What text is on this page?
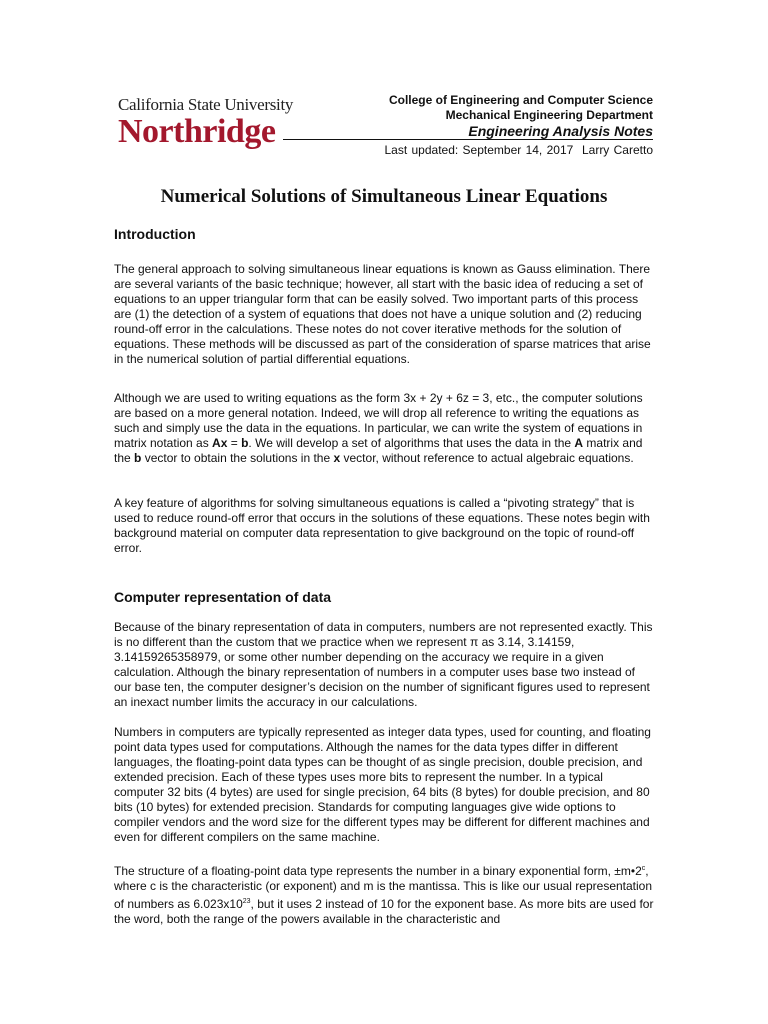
California State University
Northridge
College of Engineering and Computer Science
Mechanical Engineering Department
Engineering Analysis Notes
Last updated: September 14, 2017 Larry Caretto
Numerical Solutions of Simultaneous Linear Equations
Introduction

The general approach to solving simultaneous linear equations is known as Gauss elimination. There are several variants of the basic technique; however, all start with the basic idea of reducing a set of equations to an upper triangular form that can be easily solved. Two important parts of this process are (1) the detection of a system of equations that does not have a unique solution and (2) reducing round-off error in the calculations. These notes do not cover iterative methods for the solution of equations. These methods will be discussed as part of the consideration of sparse matrices that arise in the numerical solution of partial differential equations.

Although we are used to writing equations as the form 3x + 2y + 6z = 3, etc., the computer solutions are based on a more general notation. Indeed, we will drop all reference to writing the equations as such and simply use the data in the equations. In particular, we can write the system of equations in matrix notation as Ax = b. We will develop a set of algorithms that uses the data in the A matrix and the b vector to obtain the solutions in the x vector, without reference to actual algebraic equations.

A key feature of algorithms for solving simultaneous equations is called a “pivoting strategy” that is used to reduce round-off error that occurs in the solutions of these equations. These notes begin with background material on computer data representation to give background on the topic of round-off error.

Computer representation of data

Because of the binary representation of data in computers, numbers are not represented exactly. This is no different than the custom that we practice when we represent π as 3.14, 3.14159, 3.14159265358979, or some other number depending on the accuracy we require in a given calculation. Although the binary representation of numbers in a computer uses base two instead of our base ten, the computer designer’s decision on the number of significant figures used to represent an inexact number limits the accuracy in our calculations.

Numbers in computers are typically represented as integer data types, used for counting, and floating point data types used for computations. Although the names for the data types differ in different languages, the floating-point data types can be thought of as single precision, double precision, and extended precision. Each of these types uses more bits to represent the number. In a typical computer 32 bits (4 bytes) are used for single precision, 64 bits (8 bytes) for double precision, and 80 bits (10 bytes) for extended precision. Standards for computing languages give wide options to compiler vendors and the word size for the different types may be different for different machines and even for different compilers on the same machine.

The structure of a floating-point data type represents the number in a binary exponential form, $\pm m•2^c$, where c is the characteristic (or exponent) and m is the mantissa. This is like our usual representation of numbers as $6.023x10^{23}$, but it uses 2 instead of 10 for the exponent base. As more bits are used for the word, both the range of the powers available in the characteristic and
